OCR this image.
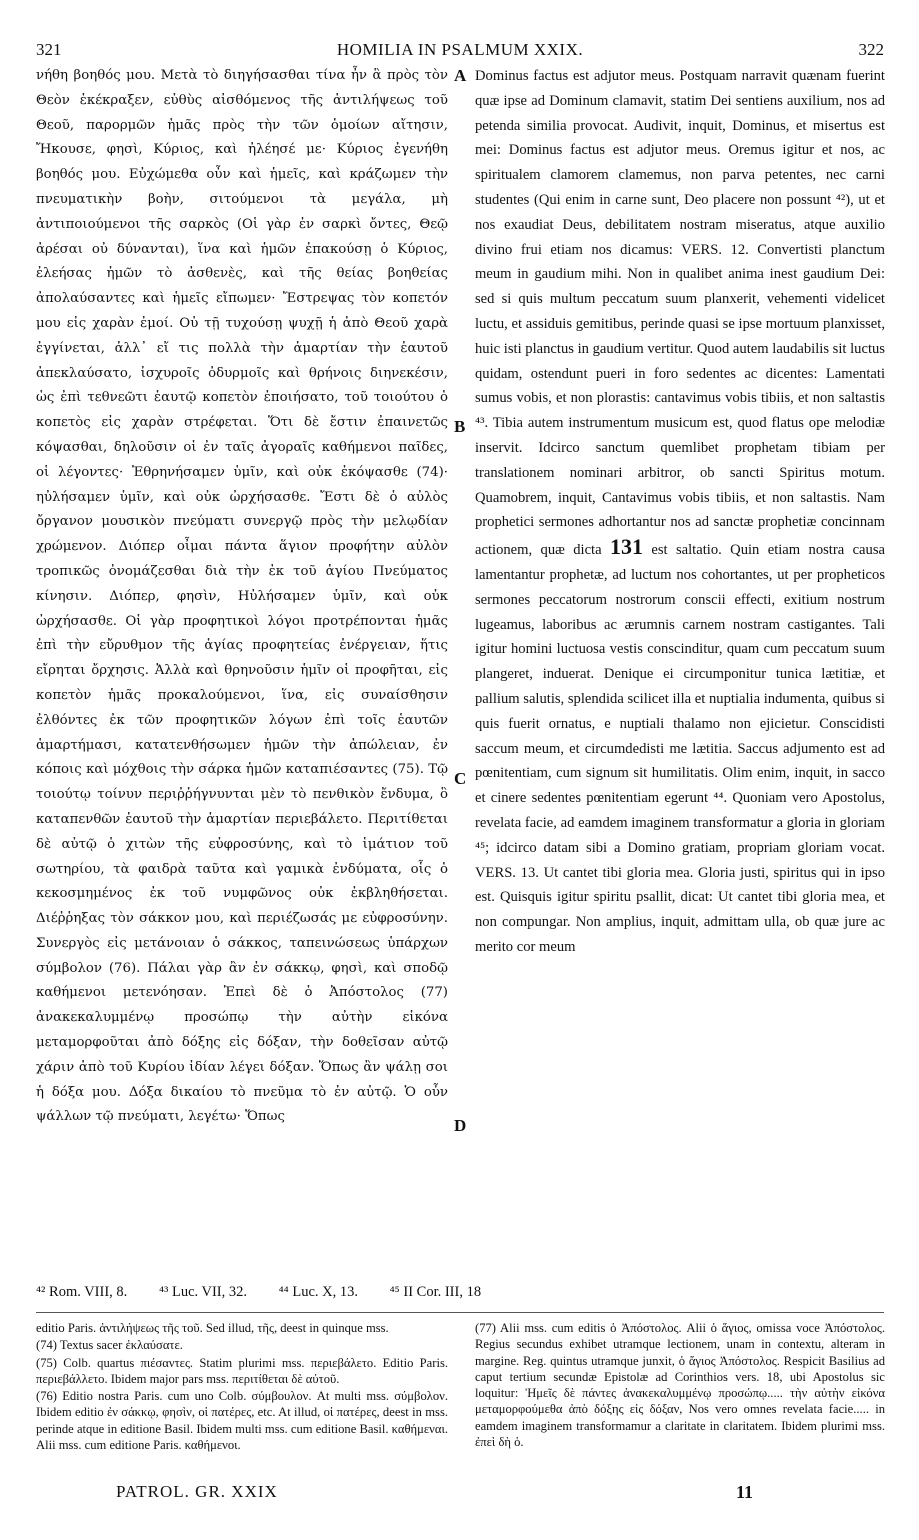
321	HOMILIA IN PSALMUM XXIX.	322

νήθη βοηθός μου. Μετὰ τὸ διηγήσασθαι τίνα ἦν ἃ πρὸς τὸν Θεὸν ἐκέκραξεν, εὐθὺς αἰσθόμενος τῆς ἀντιλήψεως τοῦ Θεοῦ, παρορμῶν ἡμᾶς πρὸς τὴν τῶν ὁμοίων αἴτησιν, Ἤκουσε, φησὶ, Κύριος, καὶ ἠλέησέ με· Κύριος ἐγενήθη βοηθός μου. Εὐχώμεθα οὖν καὶ ἡμεῖς, καὶ κράζωμεν τὴν πνευματικὴν βοὴν, σιτούμενοι τὰ μεγάλα, μὴ ἀντιποιούμενοι τῆς σαρκὸς (Οἱ γὰρ ἐν σαρκὶ ὄντες, Θεῷ ἀρέσαι οὐ δύνανται), ἵνα καὶ ἡμῶν ἐπακούσῃ ὁ Κύριος, ἐλεήσας ἡμῶν τὸ ἀσθενὲς, καὶ τῆς θείας βοηθείας ἀπολαύσαντες καὶ ἡμεῖς εἴπωμεν· Ἔστρεψας τὸν κοπετόν μου εἰς χαρὰν ἐμοί. Οὐ τῇ τυχούσῃ ψυχῇ ἡ ἀπὸ Θεοῦ χαρὰ ἐγγίνεται, ἀλλ᾽ εἴ τις πολλὰ τὴν ἁμαρτίαν τὴν ἑαυτοῦ ἀπεκλαύσατο, ἰσχυροῖς ὀδυρμοῖς καὶ θρήνοις διηνεκέσιν, ὡς ἐπὶ τεθνεῶτι ἑαυτῷ κοπετὸν ἐποιήσατο, τοῦ τοιούτου ὁ κοπετὸς εἰς χαρὰν στρέφεται. Ὅτι δὲ ἔστιν ἐπαινετῶς κόψασθαι, δηλοῦσιν οἱ ἐν ταῖς ἀγοραῖς καθήμενοι παῖδες, οἱ λέγοντες· Ἐθρηνήσαμεν ὑμῖν, καὶ οὐκ ἐκόψασθε (74)· ηὐλήσαμεν ὑμῖν, καὶ οὐκ ὠρχήσασθε. Ἔστι δὲ ὁ αὐλὸς ὄργανον μουσικὸν πνεύματι συνεργῷ πρὸς τὴν μελῳδίαν χρώμενον. Διόπερ οἶμαι πάντα ἅγιον προφήτην αὐλὸν τροπικῶς ὀνομάζεσθαι διὰ τὴν ἐκ τοῦ ἁγίου Πνεύματος κίνησιν. Διόπερ, φησὶν, Ηὐλήσαμεν ὑμῖν, καὶ οὐκ ὠρχήσασθε. Οἱ γὰρ προφητικοὶ λόγοι προτρέπονται ἡμᾶς ἐπὶ τὴν εὔρυθμον τῆς ἁγίας προφητείας ἐνέργειαν, ἥτις εἴρηται ὄρχησις. Ἀλλὰ καὶ θρηνοῦσιν ἡμῖν οἱ προφῆται, εἰς κοπετὸν ἡμᾶς προκαλούμενοι, ἵνα, εἰς συναίσθησιν ἐλθόντες ἐκ τῶν προφητικῶν λόγων ἐπὶ τοῖς ἑαυτῶν ἁμαρτήμασι, κατατενθήσωμεν ἡμῶν τὴν ἀπώλειαν, ἐν κόποις καὶ μόχθοις τὴν σάρκα ἡμῶν καταπιέσαντες (75). Τῷ τοιούτῳ τοίνυν περιῤῥήγνυνται μὲν τὸ πενθικὸν ἔνδυμα, ὃ καταπενθῶν ἑαυτοῦ τὴν ἁμαρτίαν περιεβάλετο. Περιτίθεται δὲ αὐτῷ ὁ χιτὼν τῆς εὐφροσύνης, καὶ τὸ ἱμάτιον τοῦ σωτηρίου, τὰ φαιδρὰ ταῦτα καὶ γαμικὰ ἐνδύματα, οἷς ὁ κεκοσμημένος ἐκ τοῦ νυμφῶνος οὐκ ἐκβληθήσεται. Διέῤῥηξας τὸν σάκκον μου, καὶ περιέζωσάς με εὐφροσύνην. Συνεργὸς εἰς μετάνοιαν ὁ σάκκος, ταπεινώσεως ὑπάρχων σύμβολον (76). Πάλαι γὰρ ἂν ἐν σάκκῳ, φησὶ, καὶ σποδῷ καθήμενοι μετενόησαν. Ἐπεὶ δὲ ὁ Ἀπόστολος (77) ἀνακεκαλυμμένῳ προσώπῳ τὴν αὐτὴν εἰκόνα μεταμορφοῦται ἀπὸ δόξης εἰς δόξαν, τὴν δοθεῖσαν αὐτῷ χάριν ἀπὸ τοῦ Κυρίου ἰδίαν λέγει δόξαν. Ὅπως ἂν ψάλῃ σοι ἡ δόξα μου. Δόξα δικαίου τὸ πνεῦμα τὸ ἐν αὐτῷ. Ὁ οὖν ψάλλων τῷ πνεύματι, λεγέτω· Ὅπως

A
B
C
D

Dominus factus est adjutor meus. Postquam narravit quænam fuerint quæ ipse ad Dominum clamavit, statim Dei sentiens auxilium, nos ad petenda similia provocat. Audivit, inquit, Dominus, et misertus est mei: Dominus factus est adjutor meus. Oremus igitur et nos, ac spiritualem clamorem clamemus, non parva petentes, nec carni studentes (Qui enim in carne sunt, Deo placere non possunt ⁴²), ut et nos exaudiat Deus, debilitatem nostram miseratus, atque auxilio divino frui etiam nos dicamus: VERS. 12. Convertisti planctum meum in gaudium mihi. Non in qualibet anima inest gaudium Dei: sed si quis multum peccatum suum planxerit, vehementi videlicet luctu, et assiduis gemitibus, perinde quasi se ipse mortuum planxisset, huic isti planctus in gaudium vertitur. Quod autem laudabilis sit luctus quidam, ostendunt pueri in foro sedentes ac dicentes: Lamentati sumus vobis, et non plorastis: cantavimus vobis tibiis, et non saltastis ⁴³. Tibia autem instrumentum musicum est, quod flatus ope melodiæ inservit. Idcirco sanctum quemlibet prophetam tibiam per translationem nominari arbitror, ob sancti Spiritus motum. Quamobrem, inquit, Cantavimus vobis tibiis, et non saltastis. Nam prophetici sermones adhortantur nos ad sanctæ prophetiæ concinnam actionem, quæ dicta 131 est saltatio. Quin etiam nostra causa lamentantur prophetæ, ad luctum nos cohortantes, ut per propheticos sermones peccatorum nostrorum conscii effecti, exitium nostrum lugeamus, laboribus ac ærumnis carnem nostram castigantes. Tali igitur homini luctuosa vestis conscinditur, quam cum peccatum suum plangeret, induerat. Denique ei circumponitur tunica lætitiæ, et pallium salutis, splendida scilicet illa et nuptialia indumenta, quibus si quis fuerit ornatus, e nuptiali thalamo non ejicietur. Conscidisti saccum meum, et circumdedisti me lætitia. Saccus adjumento est ad pœnitentiam, cum signum sit humilitatis. Olim enim, inquit, in sacco et cinere sedentes pœnitentiam egerunt ⁴⁴. Quoniam vero Apostolus, revelata facie, ad eamdem imaginem transformatur a gloria in gloriam ⁴⁵; idcirco datam sibi a Domino gratiam, propriam gloriam vocat. VERS. 13. Ut cantet tibi gloria mea. Gloria justi, spiritus qui in ipso est. Quisquis igitur spiritu psallit, dicat: Ut cantet tibi gloria mea, et non compungar. Non amplius, inquit, admittam ulla, ob quæ jure ac merito cor meum

⁴² Rom. VIII, 8. ⁴³ Luc. VII, 32. ⁴⁴ Luc. X, 13. ⁴⁵ II Cor. III, 18

editio Paris. ἀντιλήψεως τῆς τοῦ. Sed illud, τῆς, deest in quinque mss.

(74) Textus sacer ἐκλαύσατε.

(75) Colb. quartus πιέσαντες. Statim plurimi mss. περιεβάλετο. Editio Paris. περιεβάλλετο. Ibidem major pars mss. περιτίθεται δὲ αὐτοῦ.

(76) Editio nostra Paris. cum uno Colb. σύμβουλον. At multi mss. σύμβολον. Ibidem editio ἐν σάκκῳ, φησὶν, οἱ πατέρες, etc. At illud, οἱ πατέρες, deest in mss. perinde atque in editione Basil. Ibidem multi mss. cum editione Basil. καθήμεναι. Alii mss. cum editione Paris. καθήμενοι.

(77) Alii mss. cum editis ὁ Ἀπόστολος. Alii ὁ ἅγιος, omissa voce Ἀπόστολος. Regius secundus exhibet utramque lectionem, unam in contextu, alteram in margine. Reg. quintus utramque junxit, ὁ ἅγιος Ἀπόστολος. Respicit Basilius ad caput tertium secundæ Epistolæ ad Corinthios vers. 18, ubi Apostolus sic loquitur: Ἡμεῖς δὲ πάντες ἀνακεκαλυμμένῳ προσώπῳ..... τὴν αὐτὴν εἰκόνα μεταμορφούμεθα ἀπὸ δόξης εἰς δόξαν, Nos vero omnes revelata facie..... in eamdem imaginem transformamur a claritate in claritatem. Ibidem plurimi mss. ἐπεὶ δὴ ὁ.

PATROL. GR. XXIX	11
